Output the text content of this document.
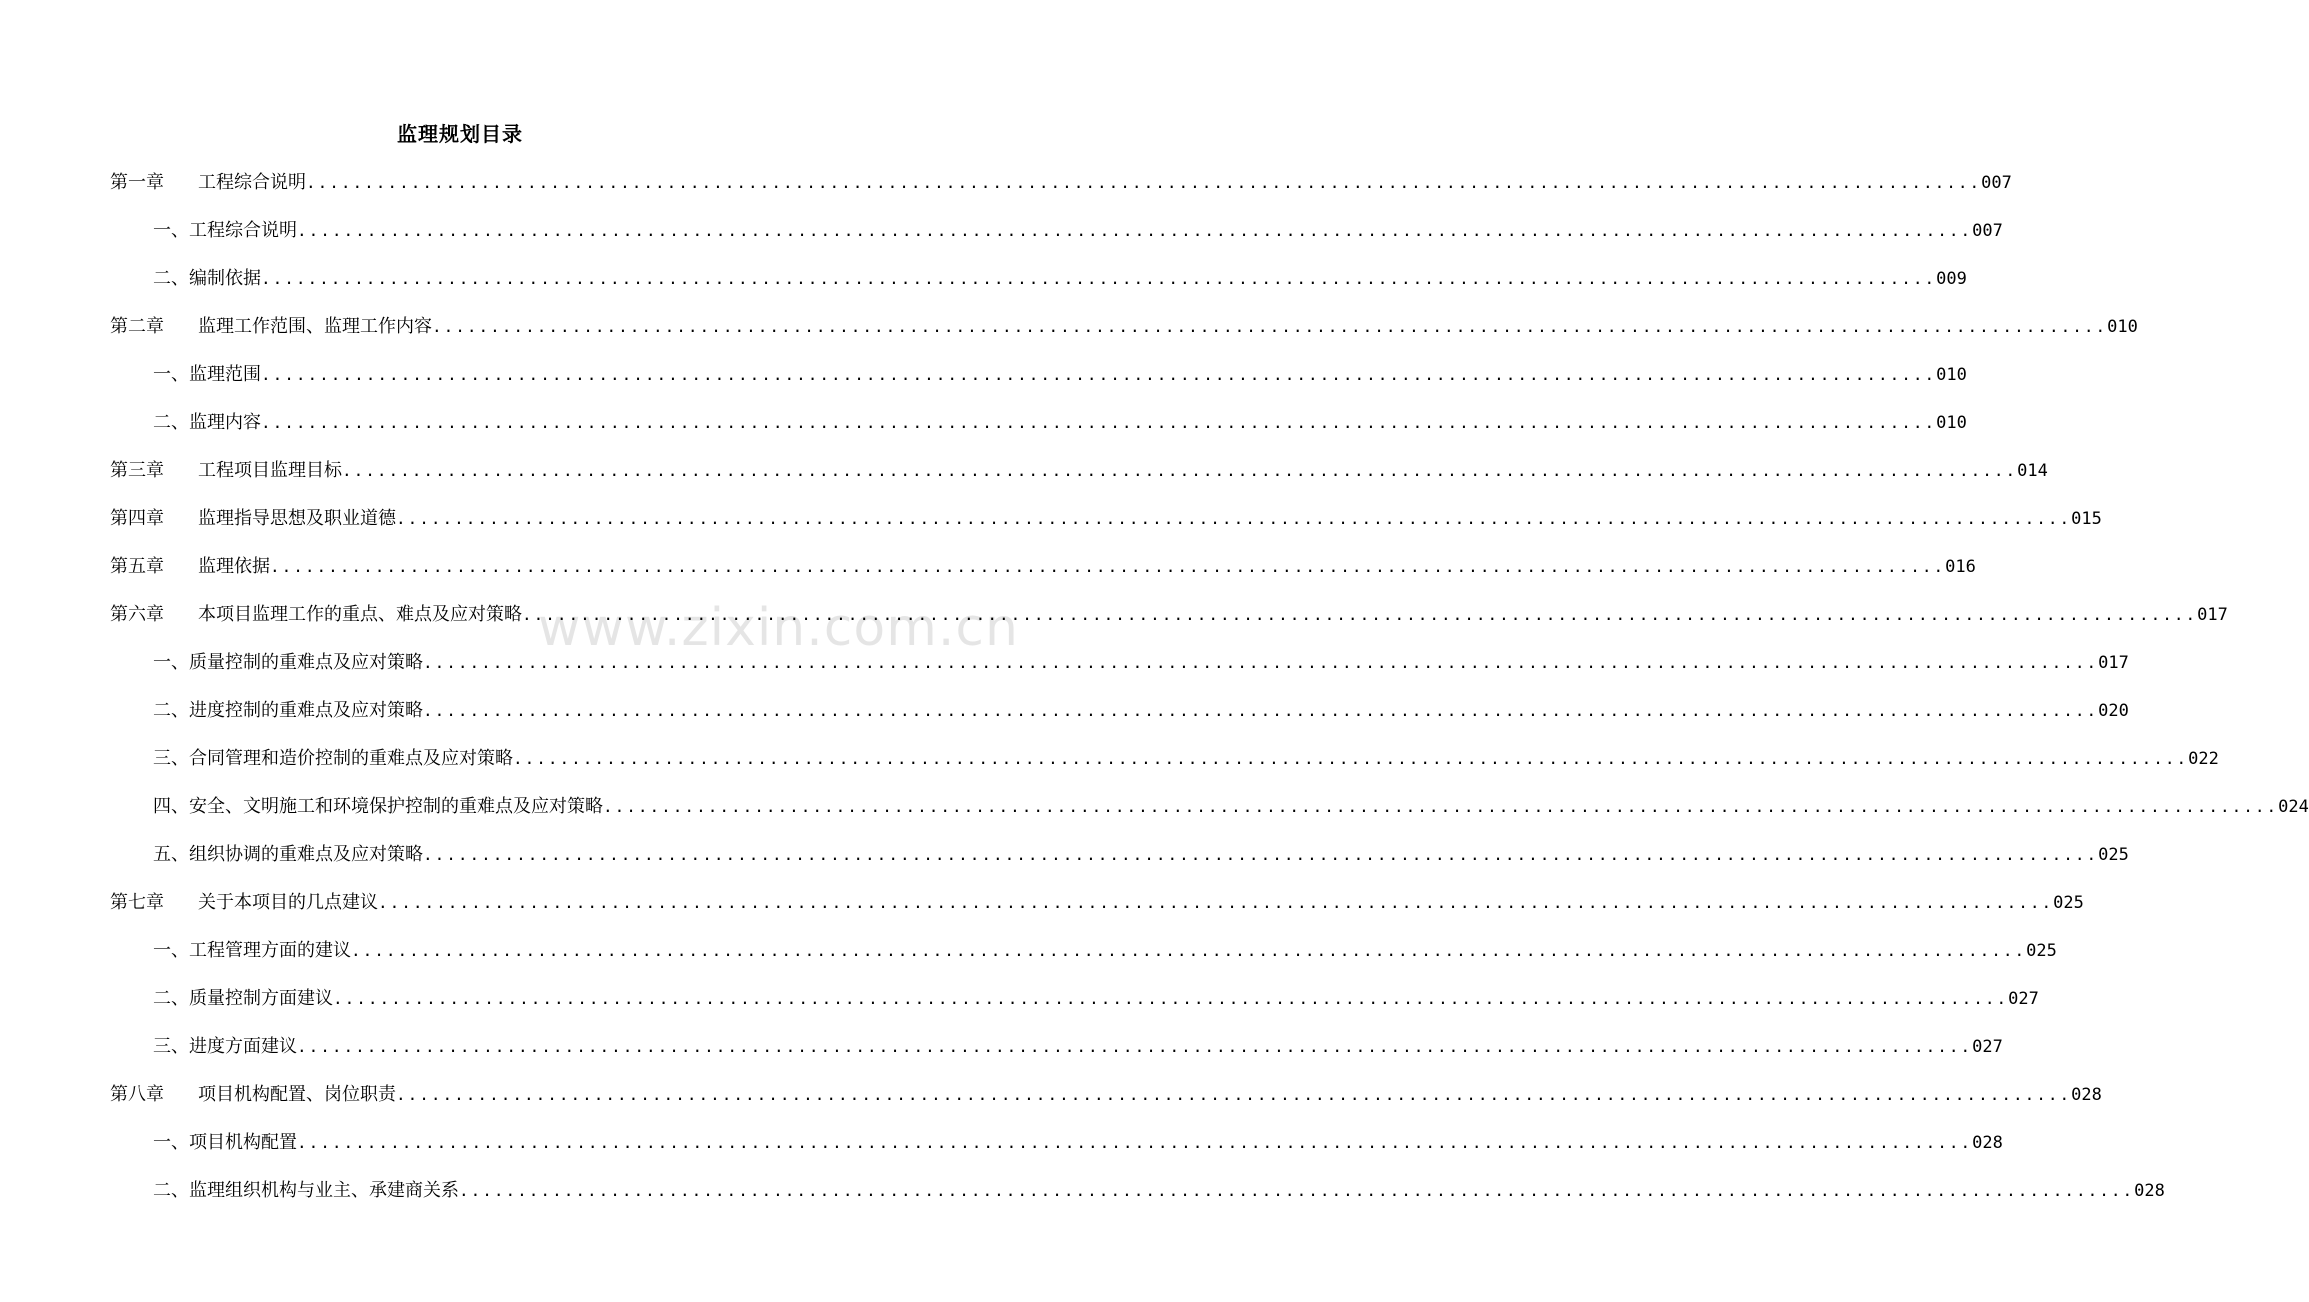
监理规划目录
第一章	工程综合说明 .....	007
一、 工程综合说明 .....	007
二、 编制依据 .....	009
第二章	监理工作范围、监理工作内容 .....	010
一、 监理范围 .....	010
二、 监理内容 .....	010
第三章	工程项目监理目标 .....	014
第四章	监理指导思想及职业道德 .....	015
第五章	监理依据 .....	016
第六章	本项目监理工作的重点、难点及应对策略 .....	017
一、 质量控制的重难点及应对策略 .....	017
二、 进度控制的重难点及应对策略 .....	020
三、 合同管理和造价控制的重难点及应对策略 .....	022
四、 安全、文明施工和环境保护控制的重难点及应对策略 .....	024
五、 组织协调的重难点及应对策略 .....	025
第七章	关于本项目的几点建议 .....	025
一、 工程管理方面的建议 .....	025
二、 质量控制方面建议 .....	027
三、 进度方面建议 .....	027
第八章	项目机构配置、岗位职责 .....	028
一、 项目机构配置 .....	028
二、 监理组织机构与业主、承建商关系 .....	028
www.zixin.com.cn
